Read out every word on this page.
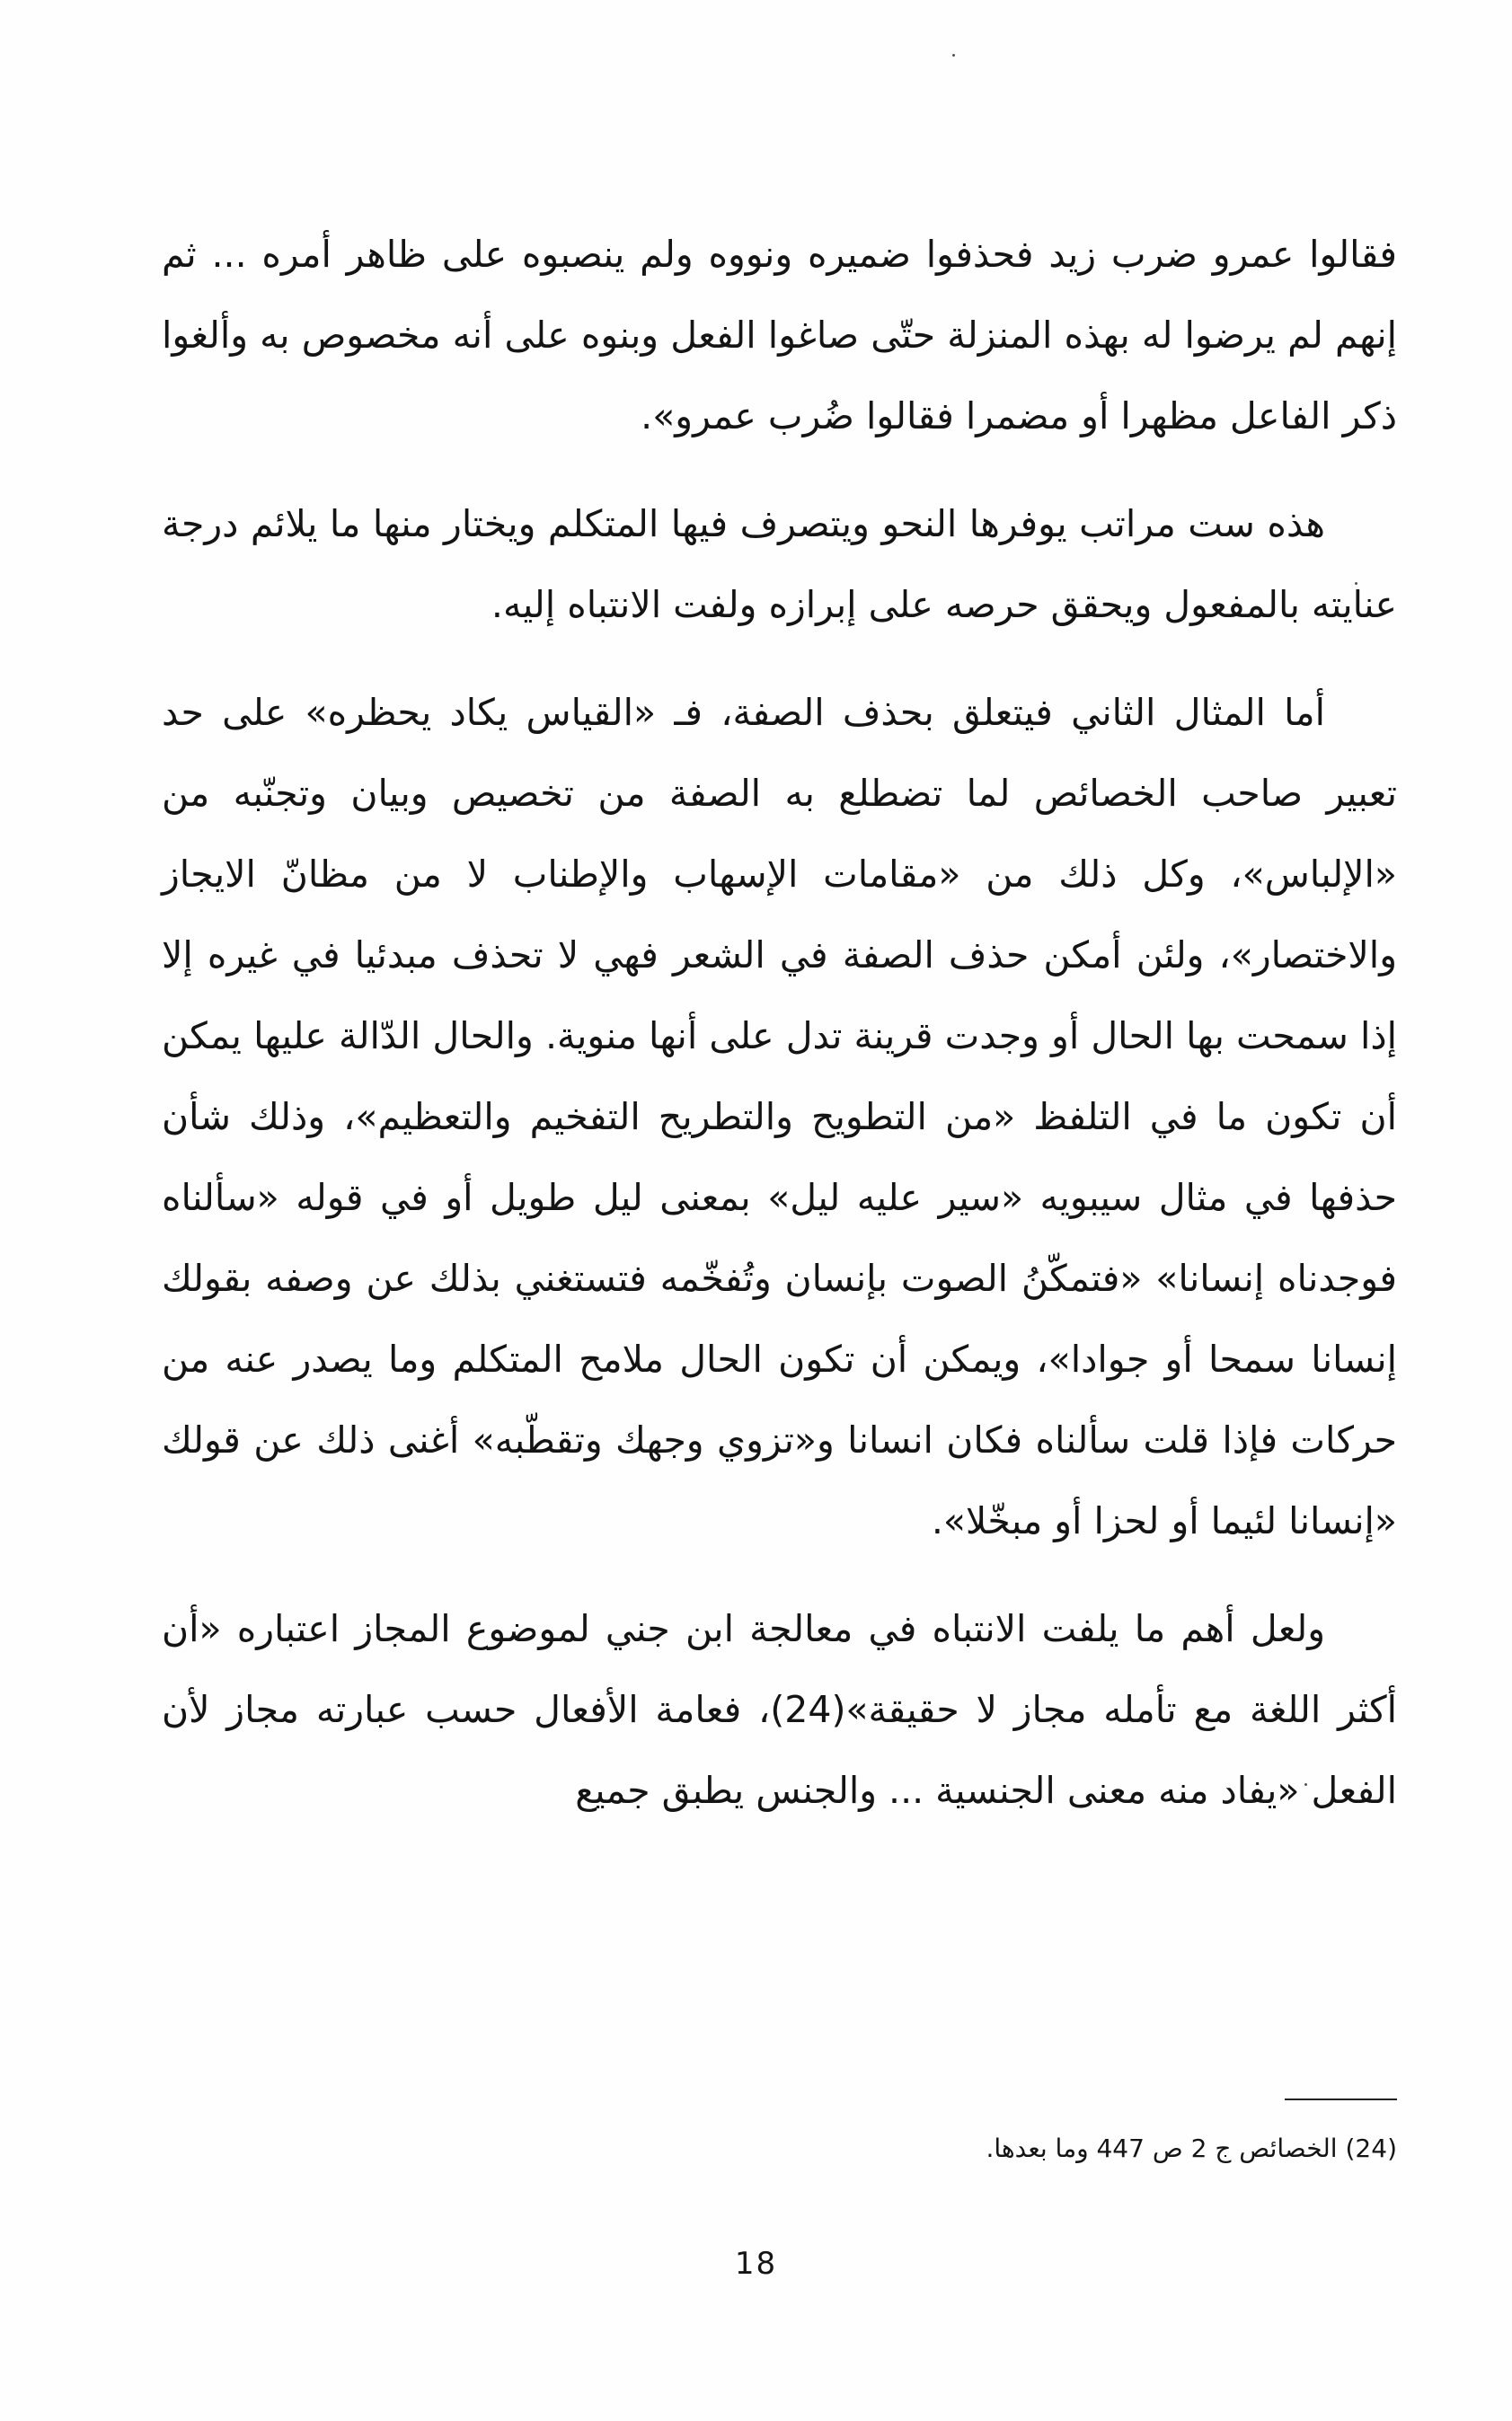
فقالوا عمرو ضرب زيد فحذفوا ضميره ونووه ولم ينصبوه على ظاهر أمره ... ثم إنهم لم يرضوا له بهذه المنزلة حتّى صاغوا الفعل وبنوه على أنه مخصوص به وألغوا ذكر الفاعل مظهرا أو مضمرا فقالوا ضُرب عمرو».

هذه ست مراتب يوفرها النحو ويتصرف فيها المتكلم ويختار منها ما يلائم درجة عنايته بالمفعول ويحقق حرصه على إبرازه ولفت الانتباه إليه.

أما المثال الثاني فيتعلق بحذف الصفة، فـ «القياس يكاد يحظره» على حد تعبير صاحب الخصائص لما تضطلع به الصفة من تخصيص وبيان وتجنّبه من «الإلباس»، وكل ذلك من «مقامات الإسهاب والإطناب لا من مظانّ الايجاز والاختصار»، ولئن أمكن حذف الصفة في الشعر فهي لا تحذف مبدئيا في غيره إلا إذا سمحت بها الحال أو وجدت قرينة تدل على أنها منوية. والحال الدّالة عليها يمكن أن تكون ما في التلفظ «من التطويح والتطريح التفخيم والتعظيم»، وذلك شأن حذفها في مثال سيبويه «سير عليه ليل» بمعنى ليل طويل أو في قوله «سألناه فوجدناه إنسانا» «فتمكّنُ الصوت بإنسان وتُفخّمه فتستغني بذلك عن وصفه بقولك إنسانا سمحا أو جوادا»، ويمكن أن تكون الحال ملامح المتكلم وما يصدر عنه من حركات فإذا قلت سألناه فكان انسانا و«تزوي وجهك وتقطّبه» أغنى ذلك عن قولك «إنسانا لئيما أو لحزا أو مبخّلا».

ولعل أهم ما يلفت الانتباه في معالجة ابن جني لموضوع المجاز اعتباره «أن أكثر اللغة مع تأمله مجاز لا حقيقة»(24)، فعامة الأفعال حسب عبارته مجاز لأن الفعل «يفاد منه معنى الجنسية ... والجنس يطبق جميع

(24) الخصائص ج 2 ص 447 وما بعدها.
18
